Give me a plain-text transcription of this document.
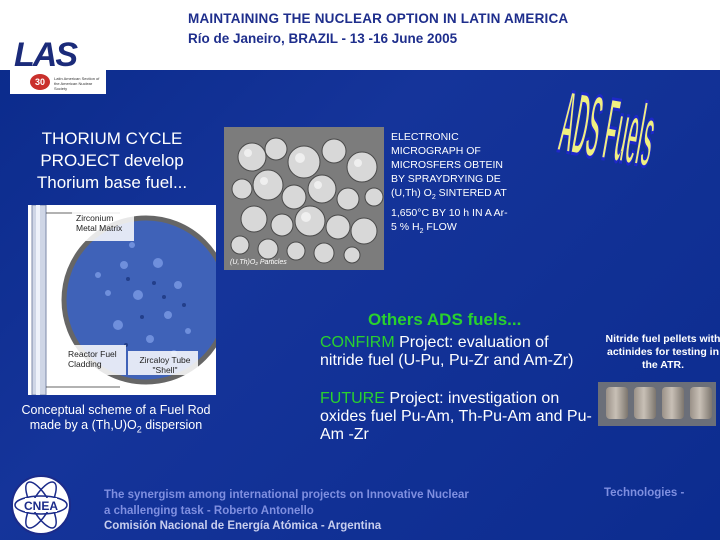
MAINTAINING THE NUCLEAR OPTION IN LATIN AMERICA
Río de Janeiro, BRAZIL - 13 -16 June 2005
LAS
30	Latin American Section of the American Nuclear Society
THORIUM CYCLE PROJECT develop Thorium base fuel...
(U,Th)O₂ Particles
ELECTRONIC MICROGRAPH OF MICROSFERS OBTEIN BY SPRAYDRYING DE (U,Th) $O_2$ SINTERED AT 1,650°C BY 10 h IN A Ar-5 % $H_2$ FLOW
ADS Fuels
Zirconium Metal Matrix
Reactor Fuel Cladding	Zircaloy Tube "Shell"
Conceptual scheme of a Fuel Rod made by a $(Th,U)O_2$ dispersion
Others ADS fuels...
CONFIRM Project: evaluation of nitride fuel (U-Pu, Pu-Zr and Am-Zr)
FUTURE Project: investigation on oxides fuel Pu-Am, Th-Pu-Am and Pu-Am -Zr
Nitride fuel pellets with actinides for testing in the ATR.
CNEA
The synergism among international projects on Innovative Nuclear
a challenging task - Roberto Antonello
Technologies -
Comisión Nacional de Energía Atómica - Argentina
